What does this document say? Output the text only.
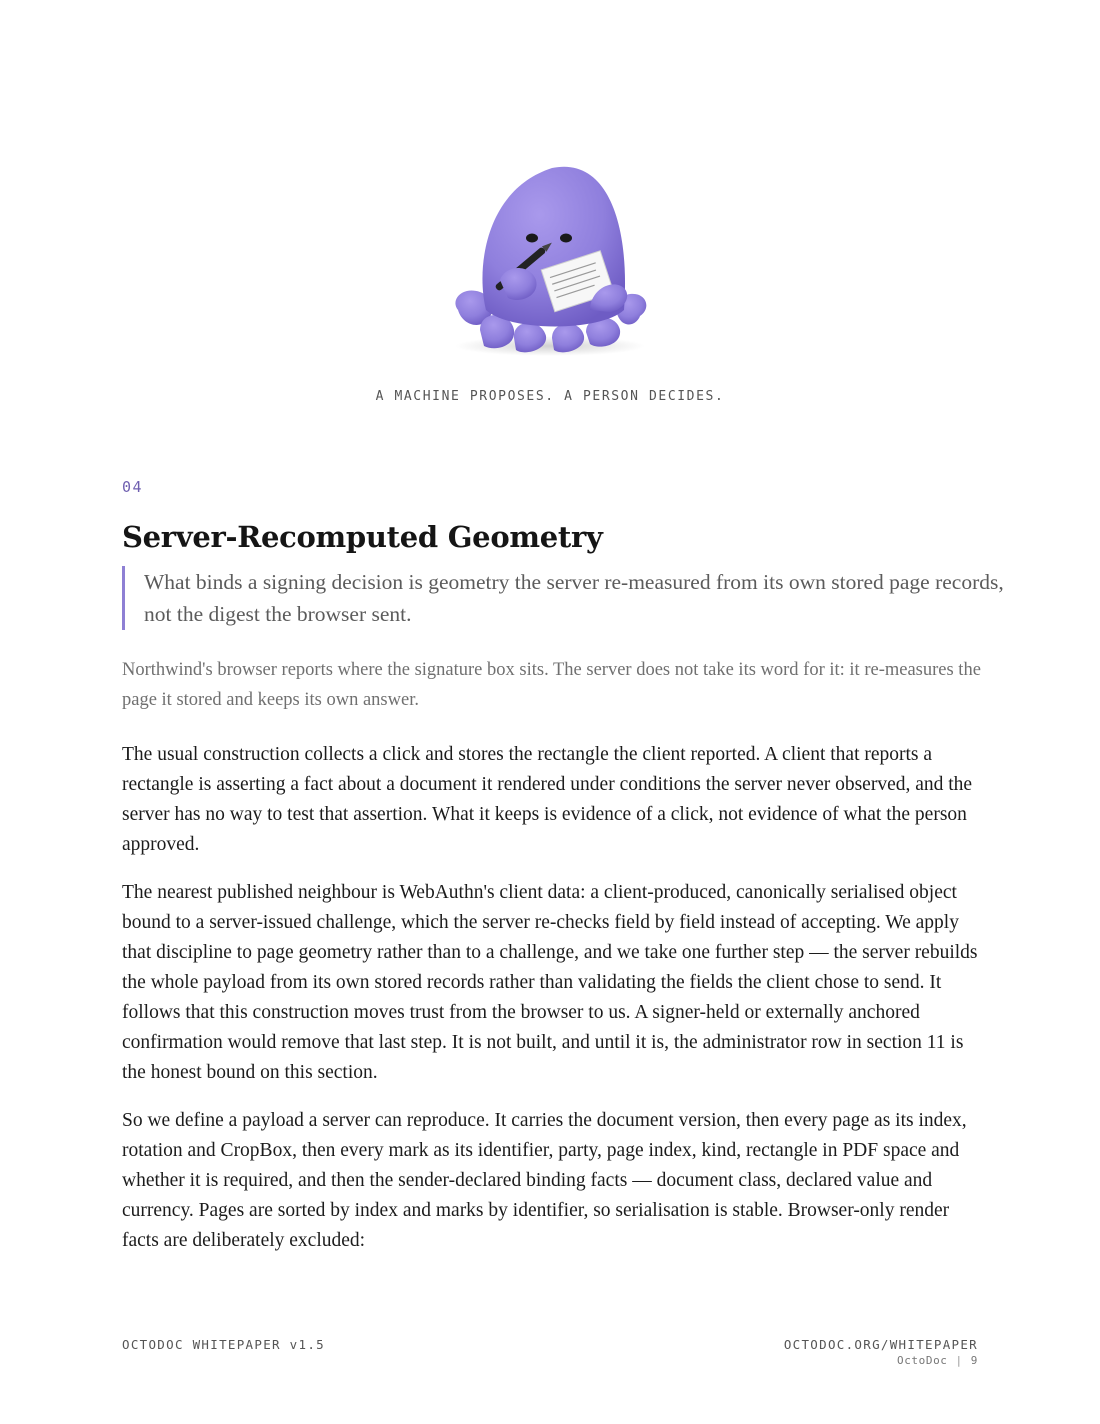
A MACHINE PROPOSES. A PERSON DECIDES.
04
Server-Recomputed Geometry
What binds a signing decision is geometry the server re-measured from its own stored page records, not the digest the browser sent.
Northwind's browser reports where the signature box sits. The server does not take its word for it: it re-measures the page it stored and keeps its own answer.

The usual construction collects a click and stores the rectangle the client reported. A client that reports a rectangle is asserting a fact about a document it rendered under conditions the server never observed, and the server has no way to test that assertion. What it keeps is evidence of a click, not evidence of what the person approved.

The nearest published neighbour is WebAuthn's client data: a client-produced, canonically serialised object bound to a server-issued challenge, which the server re-checks field by field instead of accepting. We apply that discipline to page geometry rather than to a challenge, and we take one further step — the server rebuilds the whole payload from its own stored records rather than validating the fields the client chose to send. It follows that this construction moves trust from the browser to us. A signer-held or externally anchored confirmation would remove that last step. It is not built, and until it is, the administrator row in section 11 is the honest bound on this section.

So we define a payload a server can reproduce. It carries the document version, then every page as its index, rotation and CropBox, then every mark as its identifier, party, page index, kind, rectangle in PDF space and whether it is required, and then the sender-declared binding facts — document class, declared value and currency. Pages are sorted by index and marks by identifier, so serialisation is stable. Browser-only render facts are deliberately excluded:

OCTODOC WHITEPAPER v1.5	OCTODOC.ORG/WHITEPAPER
OctoDoc | 9
